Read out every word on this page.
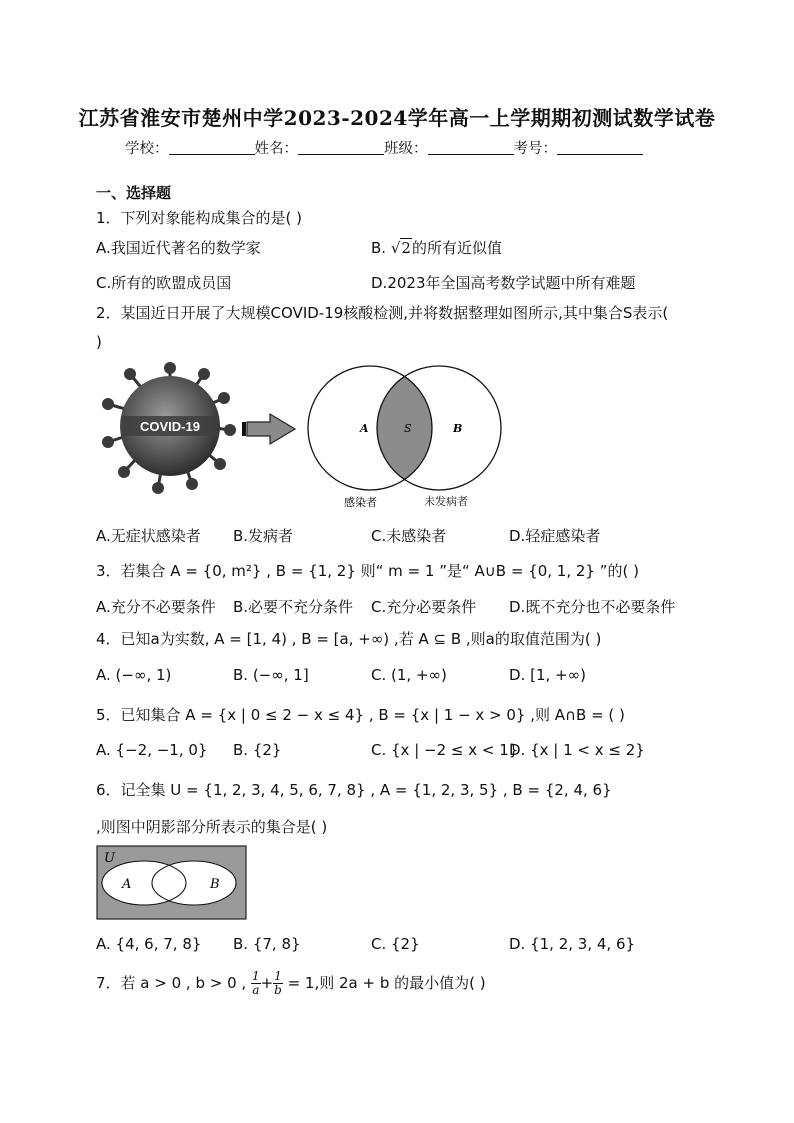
江苏省淮安市楚州中学2023-2024学年高一上学期期初测试数学试卷
学校：	姓名：	班级：	考号：
一、选择题
1．下列对象能构成集合的是( )
A.我国近代著名的数学家	B. √2的所有近似值
C.所有的欧盟成员国	D.2023年全国高考数学试题中所有难题
2．某国近日开展了大规模COVID-19核酸检测,并将数据整理如图所示,其中集合S表示(
)
COVID-19	A	S	B
感染者	未发病者
A.无症状感染者 B.发病者	C.未感染者	D.轻症感染者
3．若集合 A = {0, m²} , B = {1, 2} 则“ m = 1 ”是“ A∪B = {0, 1, 2} ”的( )
A.充分不必要条件 B.必要不充分条件 C.充分必要条件 D.既不充分也不必要条件
4．已知a为实数, A = [1, 4) , B = [a, +∞) ,若 A ⊆ B ,则a的取值范围为( )
A. (−∞, 1)	B. (−∞, 1]	C. (1, +∞)	D. [1, +∞)
5．已知集合 A = {x | 0 ≤ 2 − x ≤ 4} , B = {x | 1 − x > 0} ,则 A∩B = ( )
A. {−2, −1, 0} B. {2}	C. {x | −2 ≤ x < 1}
D. {x | 1 < x ≤ 2}
6．记全集 U = {1, 2, 3, 4, 5, 6, 7, 8} , A = {1, 2, 3, 5} , B = {2, 4, 6}
,则图中阴影部分所表示的集合是( )
U
A	B
A. {4, 6, 7, 8} B. {7, 8}	C. {2}	D. {1, 2, 3, 4, 6}
7．若 a > 0 , b > 0 , $\frac{1}{a} + \frac{1}{b} = 1$,则 2a + b 的最小值为( )
